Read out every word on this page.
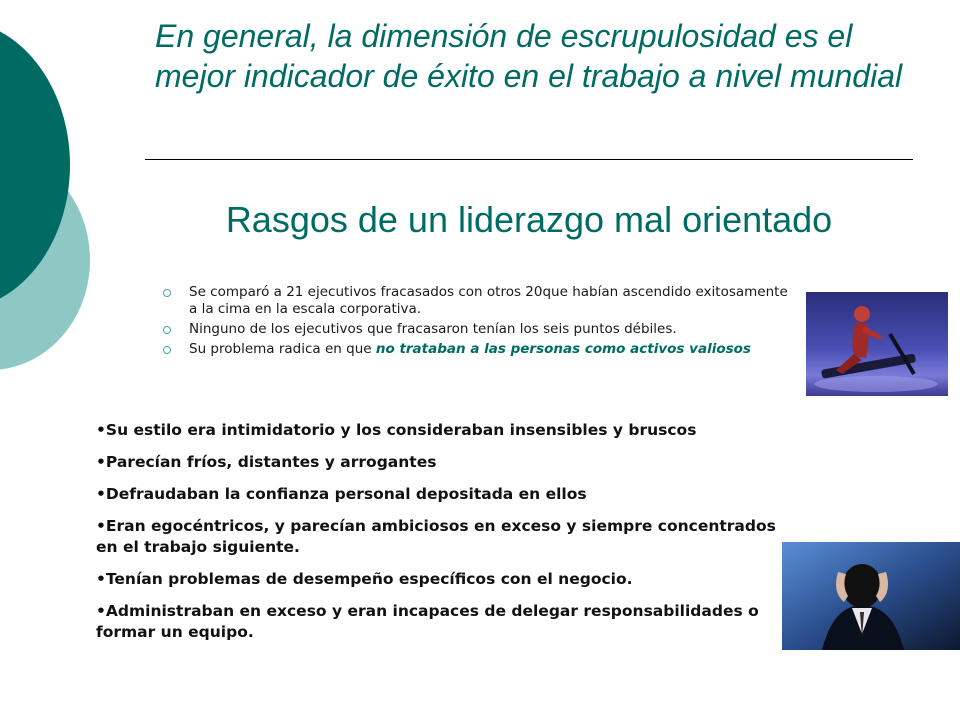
En general, la dimensión de escrupulosidad es el mejor indicador de éxito en el trabajo a nivel mundial
Rasgos de un liderazgo mal orientado
Se comparó a 21 ejecutivos fracasados con otros 20que habían ascendido exitosamente a la cima en la escala corporativa.
Ninguno de los ejecutivos que fracasaron tenían los seis puntos débiles.
Su problema radica en que no trataban a las personas como activos valiosos
•Su estilo era intimidatorio y los consideraban insensibles y bruscos
•Parecían fríos, distantes y arrogantes
•Defraudaban la confianza personal depositada en ellos
•Eran egocéntricos, y parecían ambiciosos en exceso y siempre concentrados en el trabajo siguiente.
•Tenían problemas de desempeño específicos con el negocio.
•Administraban en exceso y eran incapaces de delegar responsabilidades o formar un equipo.
